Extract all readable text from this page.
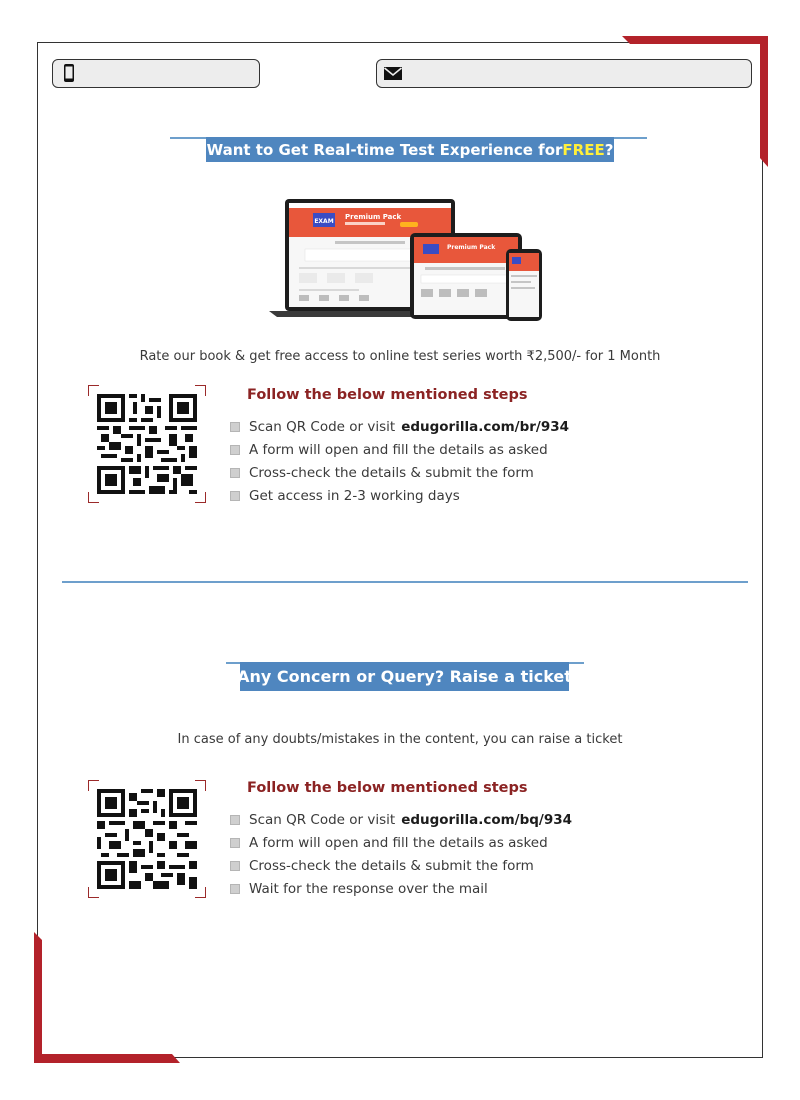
Want to Get Real-time Test Experience for FREE ?
EXAM
Premium Pack
Premium Pack
Rate our book & get free access to online test series worth ₹2,500/- for 1 Month
Follow the below mentioned steps
Scan QR Code or visit edugorilla.com/br/934
A form will open and fill the details as asked
Cross-check the details & submit the form
Get access in 2-3 working days
Any Concern or Query? Raise a ticket
In case of any doubts/mistakes in the content, you can raise a ticket
Follow the below mentioned steps
Scan QR Code or visit edugorilla.com/bq/934
A form will open and fill the details as asked
Cross-check the details & submit the form
Wait for the response over the mail
